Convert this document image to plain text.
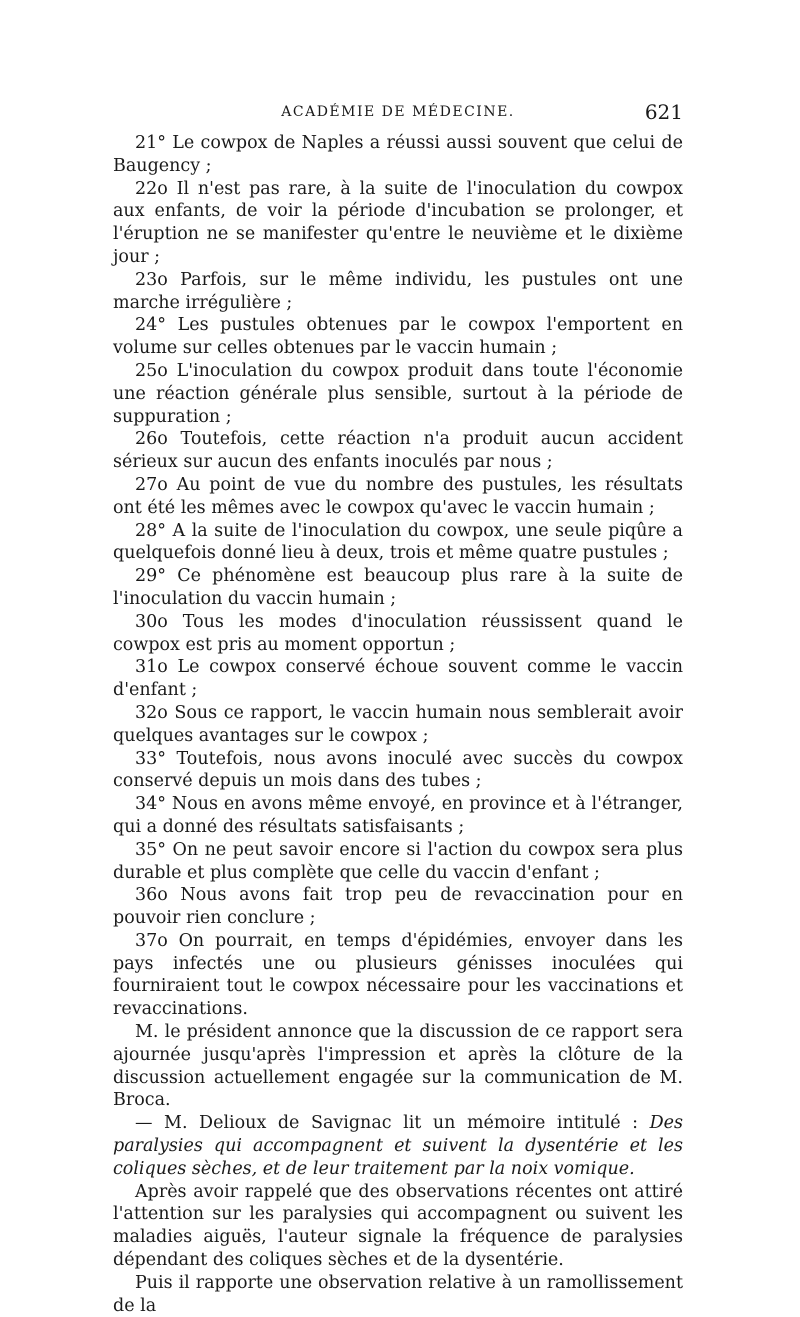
ACADÉMIE DE MÉDECINE.	621

21° Le cowpox de Naples a réussi aussi souvent que celui de Baugency ;

22o Il n'est pas rare, à la suite de l'inoculation du cowpox aux enfants, de voir la période d'incubation se prolonger, et l'éruption ne se manifester qu'entre le neuvième et le dixième jour ;

23o Parfois, sur le même individu, les pustules ont une marche irrégulière ;

24° Les pustules obtenues par le cowpox l'emportent en volume sur celles obtenues par le vaccin humain ;

25o L'inoculation du cowpox produit dans toute l'économie une réaction générale plus sensible, surtout à la période de suppuration ;

26o Toutefois, cette réaction n'a produit aucun accident sérieux sur aucun des enfants inoculés par nous ;

27o Au point de vue du nombre des pustules, les résultats ont été les mêmes avec le cowpox qu'avec le vaccin humain ;

28° A la suite de l'inoculation du cowpox, une seule piqûre a quelquefois donné lieu à deux, trois et même quatre pustules ;

29° Ce phénomène est beaucoup plus rare à la suite de l'inoculation du vaccin humain ;

30o Tous les modes d'inoculation réussissent quand le cowpox est pris au moment opportun ;

31o Le cowpox conservé échoue souvent comme le vaccin d'enfant ;

32o Sous ce rapport, le vaccin humain nous semblerait avoir quelques avantages sur le cowpox ;

33° Toutefois, nous avons inoculé avec succès du cowpox conservé depuis un mois dans des tubes ;

34° Nous en avons même envoyé, en province et à l'étranger, qui a donné des résultats satisfaisants ;

35° On ne peut savoir encore si l'action du cowpox sera plus durable et plus complète que celle du vaccin d'enfant ;

36o Nous avons fait trop peu de revaccination pour en pouvoir rien conclure ;

37o On pourrait, en temps d'épidémies, envoyer dans les pays infectés une ou plusieurs génisses inoculées qui fourniraient tout le cowpox nécessaire pour les vaccinations et revaccinations.

M. le président annonce que la discussion de ce rapport sera ajournée jusqu'après l'impression et après la clôture de la discussion actuellement engagée sur la communication de M. Broca.

— M. Delioux de Savignac lit un mémoire intitulé : Des paralysies qui accompagnent et suivent la dysentérie et les coliques sèches, et de leur traitement par la noix vomique.

Après avoir rappelé que des observations récentes ont attiré l'attention sur les paralysies qui accompagnent ou suivent les maladies aiguës, l'auteur signale la fréquence de paralysies dépendant des coliques sèches et de la dysentérie.

Puis il rapporte une observation relative à un ramollissement de la
